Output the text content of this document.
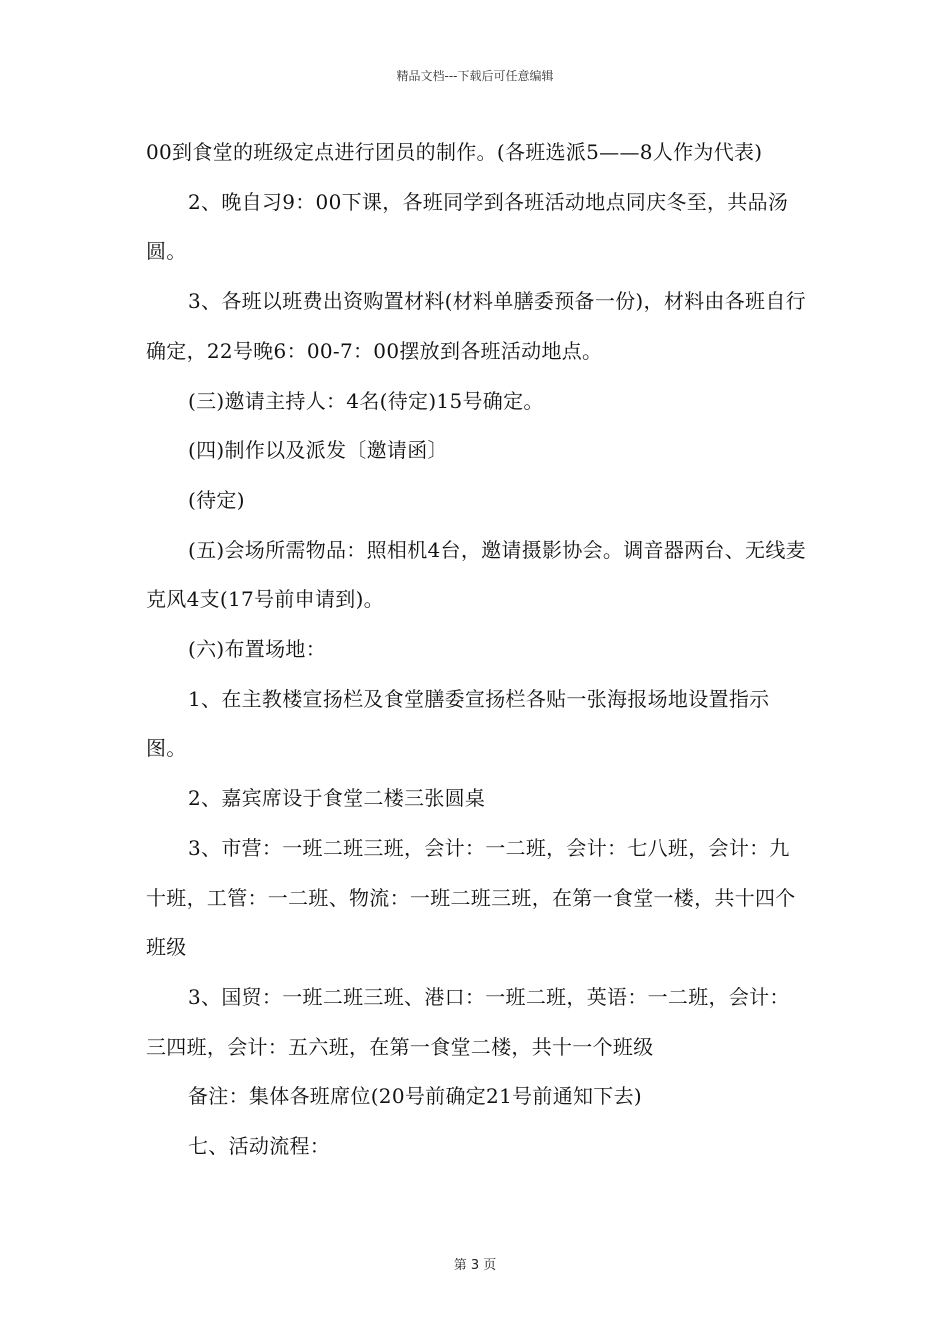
精品文档---下载后可任意编辑

00到食堂的班级定点进行团员的制作。(各班选派5——8人作为代表)

2、晚自习9：00下课，各班同学到各班活动地点同庆冬至，共品汤圆。

3、各班以班费出资购置材料(材料单膳委预备一份)，材料由各班自行确定，22号晚6：00-7：00摆放到各班活动地点。

(三)邀请主持人：4名(待定)15号确定。

(四)制作以及派发〔邀请函〕

(待定)

(五)会场所需物品：照相机4台，邀请摄影协会。调音器两台、无线麦克风4支(17号前申请到)。

(六)布置场地：

1、在主教楼宣扬栏及食堂膳委宣扬栏各贴一张海报场地设置指示图。

2、嘉宾席设于食堂二楼三张圆桌

3、市营：一班二班三班，会计：一二班，会计：七八班，会计：九十班，工管：一二班、物流：一班二班三班，在第一食堂一楼，共十四个班级

3、国贸：一班二班三班、港口：一班二班，英语：一二班，会计：三四班，会计：五六班，在第一食堂二楼，共十一个班级

备注：集体各班席位(20号前确定21号前通知下去)

七、活动流程：

第 3 页
